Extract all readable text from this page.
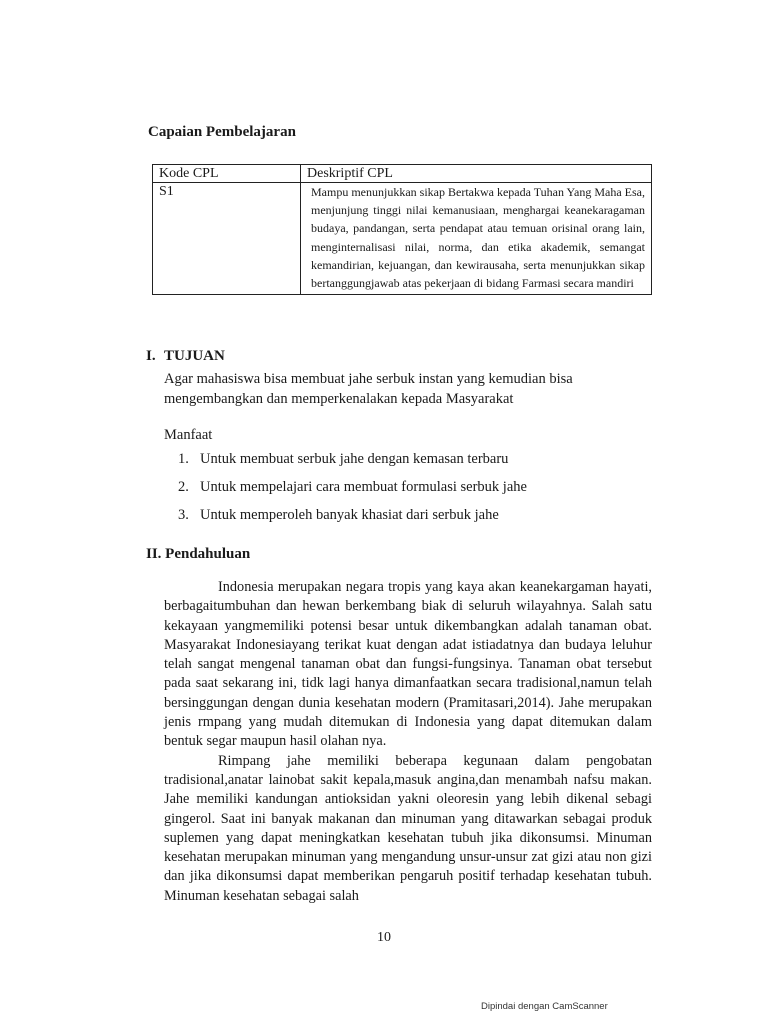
Capaian Pembelajaran
Kode CPL	Deskriptif CPL
S1	Mampu menunjukkan sikap Bertakwa kepada Tuhan Yang Maha Esa, menjunjung tinggi nilai kemanusiaan, menghargai keanekaragaman budaya, pandangan, serta pendapat atau temuan orisinal orang lain, menginternalisasi nilai, norma, dan etika akademik, semangat kemandirian, kejuangan, dan kewirausaha, serta menunjukkan sikap bertanggungjawab atas pekerjaan di bidang Farmasi secara mandiri
I. TUJUAN

Agar mahasiswa bisa membuat jahe serbuk instan yang kemudian bisa mengembangkan dan memperkenalakan kepada Masyarakat

Manfaat

1. Untuk membuat serbuk jahe dengan kemasan terbaru
2. Untuk mempelajari cara membuat formulasi serbuk jahe
3. Untuk memperoleh banyak khasiat dari serbuk jahe
II. Pendahuluan

Indonesia merupakan negara tropis yang kaya akan keanekargaman hayati, berbagaitumbuhan dan hewan berkembang biak di seluruh wilayahnya. Salah satu kekayaan yangmemiliki potensi besar untuk dikembangkan adalah tanaman obat. Masyarakat Indonesiayang terikat kuat dengan adat istiadatnya dan budaya leluhur telah sangat mengenal tanaman obat dan fungsi-fungsinya. Tanaman obat tersebut pada saat sekarang ini, tidk lagi hanya dimanfaatkan secara tradisional,namun telah bersinggungan dengan dunia kesehatan modern (Pramitasari,2014). Jahe merupakan jenis rmpang yang mudah ditemukan di Indonesia yang dapat ditemukan dalam bentuk segar maupun hasil olahan nya.

Rimpang jahe memiliki beberapa kegunaan dalam pengobatan tradisional,anatar lainobat sakit kepala,masuk angina,dan menambah nafsu makan. Jahe memiliki kandungan antioksidan yakni oleoresin yang lebih dikenal sebagi gingerol. Saat ini banyak makanan dan minuman yang ditawarkan sebagai produk suplemen yang dapat meningkatkan kesehatan tubuh jika dikonsumsi. Minuman kesehatan merupakan minuman yang mengandung unsur-unsur zat gizi atau non gizi dan jika dikonsumsi dapat memberikan pengaruh positif terhadap kesehatan tubuh. Minuman kesehatan sebagai salah

10
Dipindai dengan CamScanner
